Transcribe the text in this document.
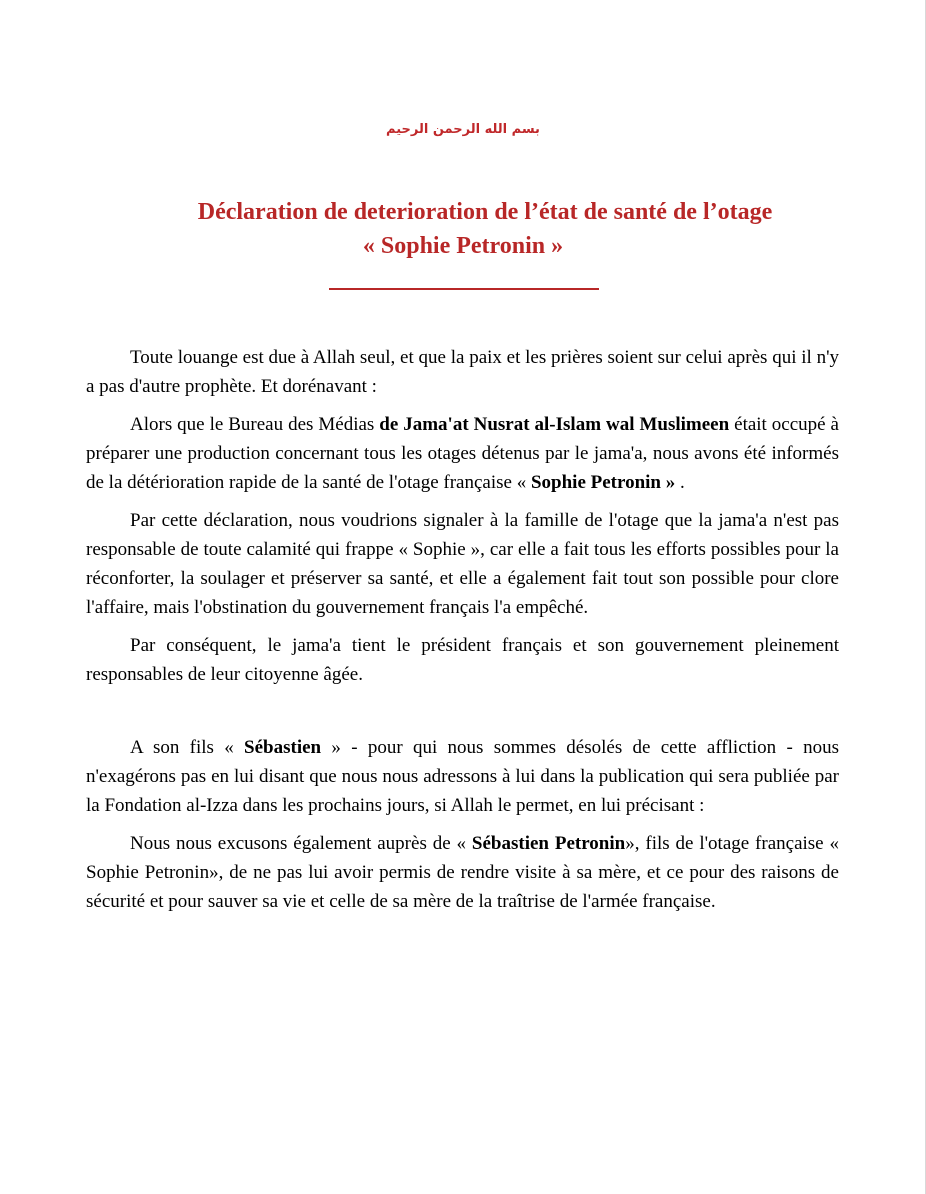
بسم الله الرحمن الرحيم
Déclaration de deterioration de l’état de santé de l’otage
« Sophie Petronin »

Toute louange est due à Allah seul, et que la paix et les prières soient sur celui après qui il n'y a pas d'autre prophète. Et dorénavant :

Alors que le Bureau des Médias de Jama'at Nusrat al-Islam wal Muslimeen était occupé à préparer une production concernant tous les otages détenus par le jama'a, nous avons été informés de la détérioration rapide de la santé de l'otage française « Sophie Petronin » .

Par cette déclaration, nous voudrions signaler à la famille de l'otage que la jama'a n'est pas responsable de toute calamité qui frappe « Sophie », car elle a fait tous les efforts possibles pour la réconforter, la soulager et préserver sa santé, et elle a également fait tout son possible pour clore l'affaire, mais l'obstination du gouvernement français l'a empêché.

Par conséquent, le jama'a tient le président français et son gouvernement pleinement responsables de leur citoyenne âgée.

A son fils « Sébastien » - pour qui nous sommes désolés de cette affliction - nous n'exagérons pas en lui disant que nous nous adressons à lui dans la publication qui sera publiée par la Fondation al-Izza dans les prochains jours, si Allah le permet, en lui précisant :

Nous nous excusons également auprès de « Sébastien Petronin», fils de l'otage française « Sophie Petronin», de ne pas lui avoir permis de rendre visite à sa mère, et ce pour des raisons de sécurité et pour sauver sa vie et celle de sa mère de la traîtrise de l'armée française.
